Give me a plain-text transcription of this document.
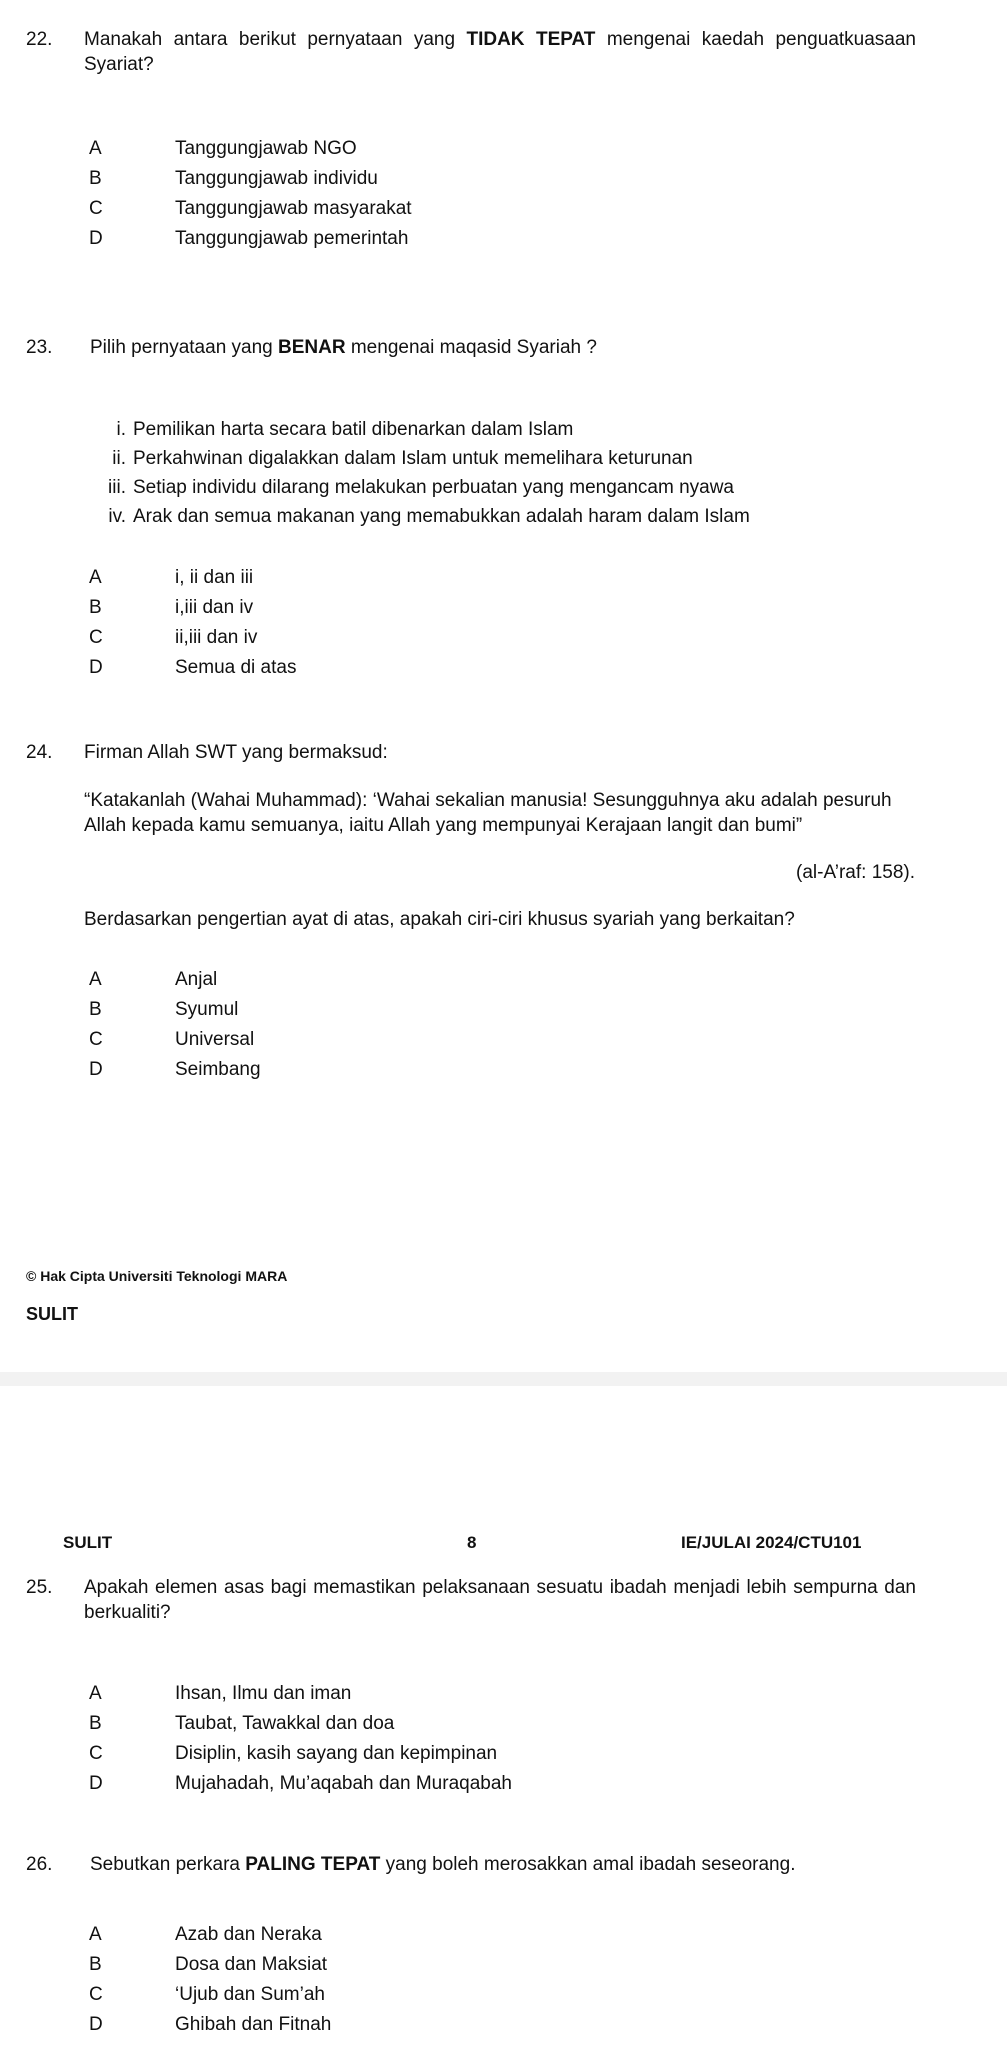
22. Manakah antara berikut pernyataan yang TIDAK TEPAT mengenai kaedah penguatkuasaan Syariat?
A	Tanggungjawab NGO
B	Tanggungjawab individu
C	Tanggungjawab masyarakat
D	Tanggungjawab pemerintah
23. Pilih pernyataan yang BENAR mengenai maqasid Syariah ?
i. Pemilikan harta secara batil dibenarkan dalam Islam
ii. Perkahwinan digalakkan dalam Islam untuk memelihara keturunan
iii. Setiap individu dilarang melakukan perbuatan yang mengancam nyawa
iv. Arak dan semua makanan yang memabukkan adalah haram dalam Islam
A	i, ii dan iii
B	i,iii dan iv
C	ii,iii dan iv
D	Semua di atas
24. Firman Allah SWT yang bermaksud:
“Katakanlah (Wahai Muhammad): ‘Wahai sekalian manusia! Sesungguhnya aku adalah pesuruh Allah kepada kamu semuanya, iaitu Allah yang mempunyai Kerajaan langit dan bumi”
(al-A’raf: 158).
Berdasarkan pengertian ayat di atas, apakah ciri-ciri khusus syariah yang berkaitan?
A	Anjal
B	Syumul
C	Universal
D	Seimbang
© Hak Cipta Universiti Teknologi MARA
SULIT
SULIT	8	IE/JULAI 2024/CTU101
25. Apakah elemen asas bagi memastikan pelaksanaan sesuatu ibadah menjadi lebih sempurna dan berkualiti?
A	Ihsan, Ilmu dan iman
B	Taubat, Tawakkal dan doa
C	Disiplin, kasih sayang dan kepimpinan
D	Mujahadah, Mu’aqabah dan Muraqabah
26. Sebutkan perkara PALING TEPAT yang boleh merosakkan amal ibadah seseorang.
A	Azab dan Neraka
B	Dosa dan Maksiat
C	‘Ujub dan Sum’ah
D	Ghibah dan Fitnah
